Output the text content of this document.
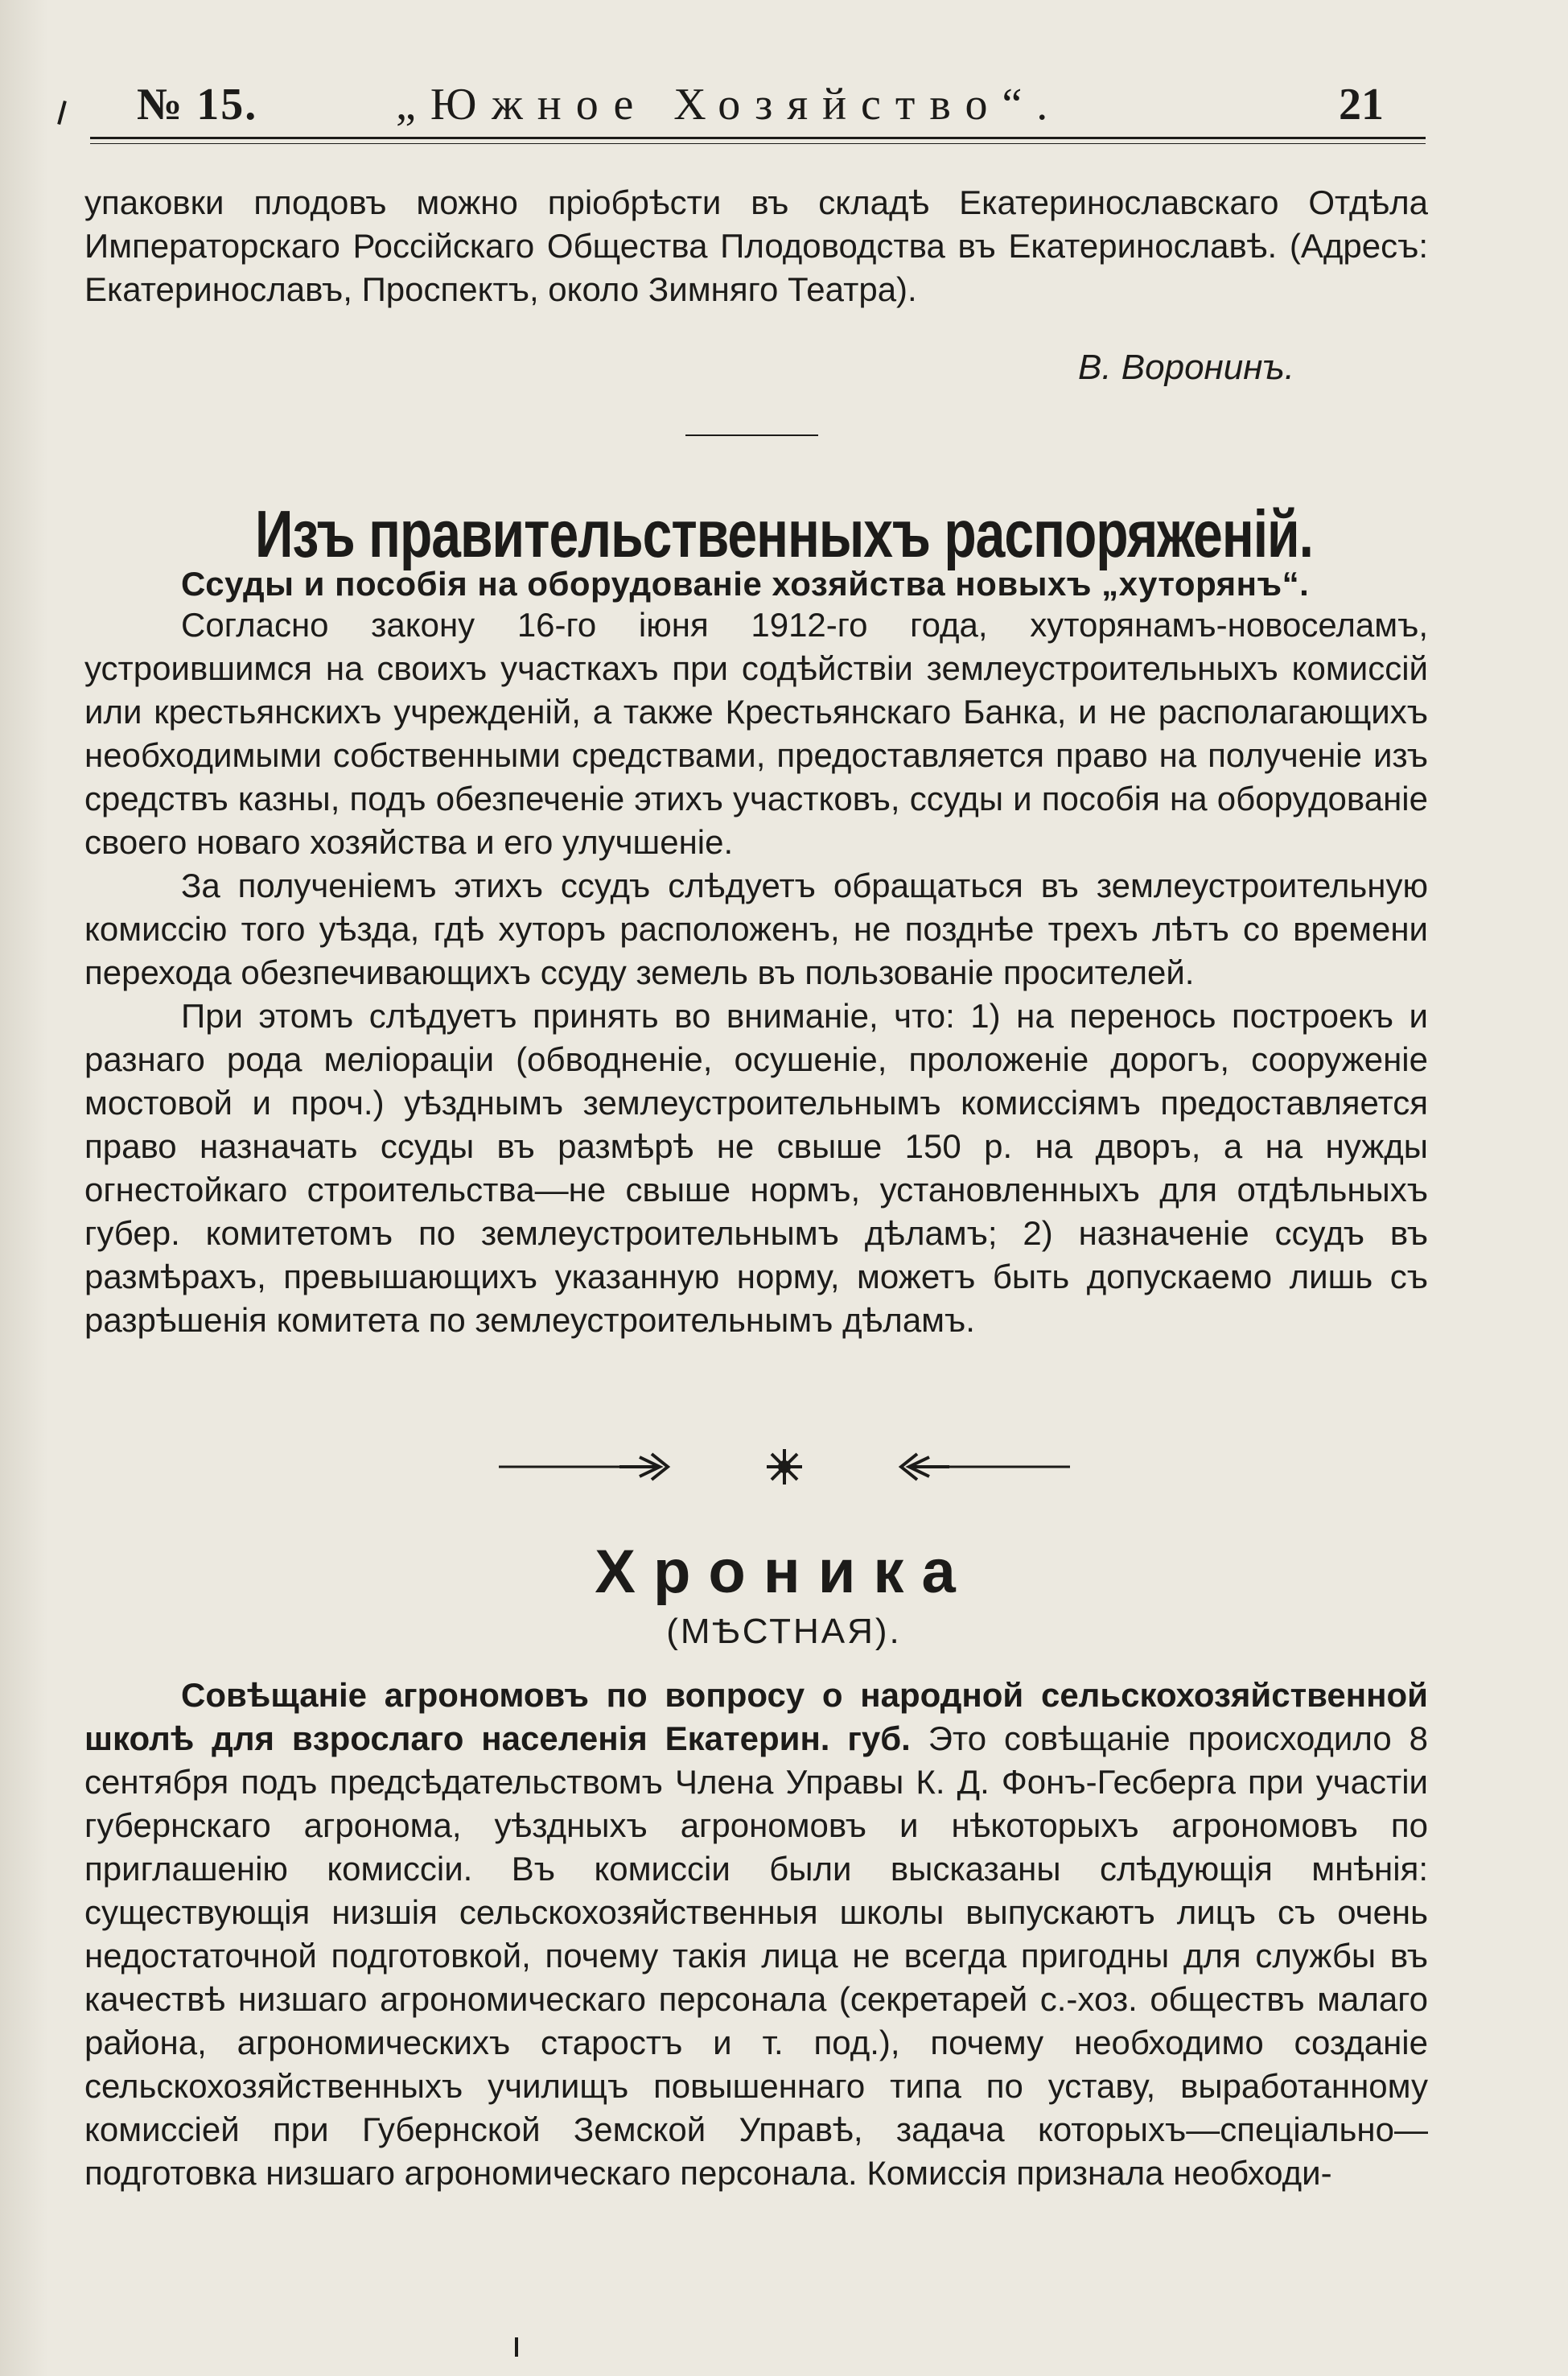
№ 15.	„Южное Хозяйство“.	21

упаковки плодовъ можно пріобрѣсти въ складѣ Екатеринославскаго Отдѣла Императорскаго Россійскаго Общества Плодоводства въ Екатеринославѣ. (Адресъ: Екатеринославъ, Проспектъ, около Зимняго Театра).

В. Воронинъ.
Изъ правительственныхъ распоряженій.
Ссуды и пособія на оборудованіе хозяйства новыхъ „хуторянъ“.

Согласно закону 16-го іюня 1912-го года, хуторянамъ-новоселамъ, устроившимся на своихъ участкахъ при содѣйствіи землеустроительныхъ комиссій или крестьянскихъ учрежденій, а также Крестьянскаго Банка, и не располагающихъ необходимыми собственными средствами, предоставляется право на полученіе изъ средствъ казны, подъ обезпеченіе этихъ участковъ, ссуды и пособія на оборудованіе своего новаго хозяйства и его улучшеніе.

За полученіемъ этихъ ссудъ слѣдуетъ обращаться въ землеустроительную комиссію того уѣзда, гдѣ хуторъ расположенъ, не позднѣе трехъ лѣтъ со времени перехода обезпечивающихъ ссуду земель въ пользованіе просителей.

При этомъ слѣдуетъ принять во вниманіе, что: 1) на перенось построекъ и разнаго рода меліораціи (обводненіе, осушеніе, проложеніе дорогъ, сооруженіе мостовой и проч.) уѣзднымъ землеустроительнымъ комиссіямъ предоставляется право назначать ссуды въ размѣрѣ не свыше 150 р. на дворъ, а на нужды огнестойкаго строительства—не свыше нормъ, установленныхъ для отдѣльныхъ губер. комитетомъ по землеустроительнымъ дѣламъ; 2) назначеніе ссудъ въ размѣрахъ, превышающихъ указанную норму, можетъ быть допускаемо лишь съ разрѣшенія комитета по землеустроительнымъ дѣламъ.

Хроника
(МѢСТНАЯ).

Совѣщаніе агрономовъ по вопросу о народной сельскохозяйственной школѣ для взрослаго населенія Екатерин. губ. Это совѣщаніе происходило 8 сентября подъ предсѣдательствомъ Члена Управы К. Д. Фонъ-Гесберга при участіи губернскаго агронома, уѣздныхъ агрономовъ и нѣкоторыхъ агрономовъ по приглашенію комиссіи. Въ комиссіи были высказаны слѣдующія мнѣнія: существующія низшія сельскохозяйственныя школы выпускаютъ лицъ съ очень недостаточной подготовкой, почему такія лица не всегда пригодны для службы въ качествѣ низшаго агрономическаго персонала (секретарей с.-хоз. обществъ малаго района, агрономическихъ старостъ и т. под.), почему необходимо созданіе сельскохозяйственныхъ училищъ повышеннаго типа по уставу, выработанному комиссіей при Губернской Земской Управѣ, задача которыхъ—спеціально—подготовка низшаго агрономическаго персонала. Комиссія признала необходи-
